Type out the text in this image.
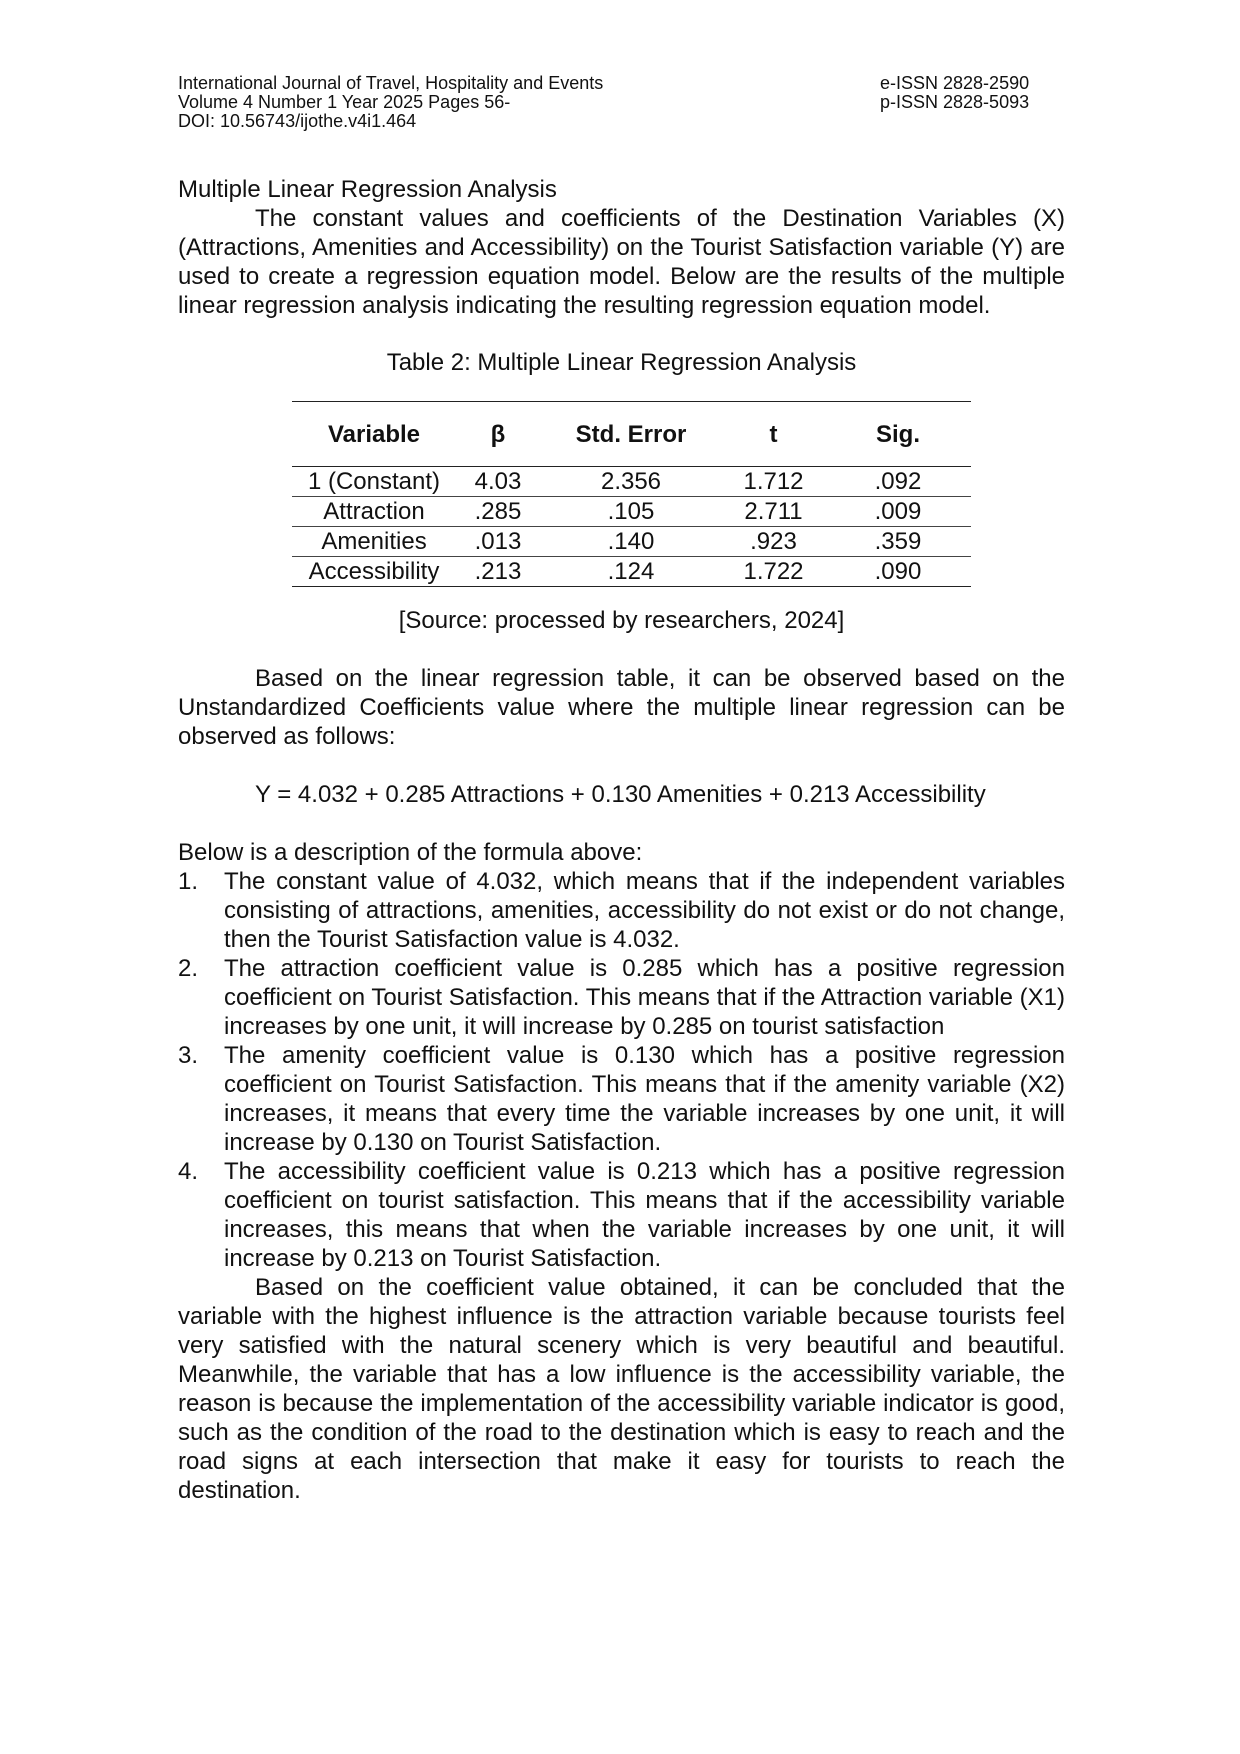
International Journal of Travel, Hospitality and Events
Volume 4 Number 1 Year 2025 Pages 56-
DOI: 10.56743/ijothe.v4i1.464
e-ISSN 2828-2590
p-ISSN 2828-5093
Multiple Linear Regression Analysis

The constant values and coefficients of the Destination Variables (X) (Attractions, Amenities and Accessibility) on the Tourist Satisfaction variable (Y) are used to create a regression equation model. Below are the results of the multiple linear regression analysis indicating the resulting regression equation model.

Table 2: Multiple Linear Regression Analysis
Variable	β	Std. Error	t	Sig.
1 (Constant)	4.03	2.356	1.712	.092
Attraction	.285	.105	2.711	.009
Amenities	.013	.140	.923	.359
Accessibility	.213	.124	1.722	.090
[Source: processed by researchers, 2024]

Based on the linear regression table, it can be observed based on the Unstandardized Coefficients value where the multiple linear regression can be observed as follows:

Y = 4.032 + 0.285 Attractions + 0.130 Amenities + 0.213 Accessibility

Below is a description of the formula above:

1. The constant value of 4.032, which means that if the independent variables consisting of attractions, amenities, accessibility do not exist or do not change, then the Tourist Satisfaction value is 4.032.
2. The attraction coefficient value is 0.285 which has a positive regression coefficient on Tourist Satisfaction. This means that if the Attraction variable (X1) increases by one unit, it will increase by 0.285 on tourist satisfaction
3. The amenity coefficient value is 0.130 which has a positive regression coefficient on Tourist Satisfaction. This means that if the amenity variable (X2) increases, it means that every time the variable increases by one unit, it will increase by 0.130 on Tourist Satisfaction.
4. The accessibility coefficient value is 0.213 which has a positive regression coefficient on tourist satisfaction. This means that if the accessibility variable increases, this means that when the variable increases by one unit, it will increase by 0.213 on Tourist Satisfaction.

Based on the coefficient value obtained, it can be concluded that the variable with the highest influence is the attraction variable because tourists feel very satisfied with the natural scenery which is very beautiful and beautiful. Meanwhile, the variable that has a low influence is the accessibility variable, the reason is because the implementation of the accessibility variable indicator is good, such as the condition of the road to the destination which is easy to reach and the road signs at each intersection that make it easy for tourists to reach the destination.
